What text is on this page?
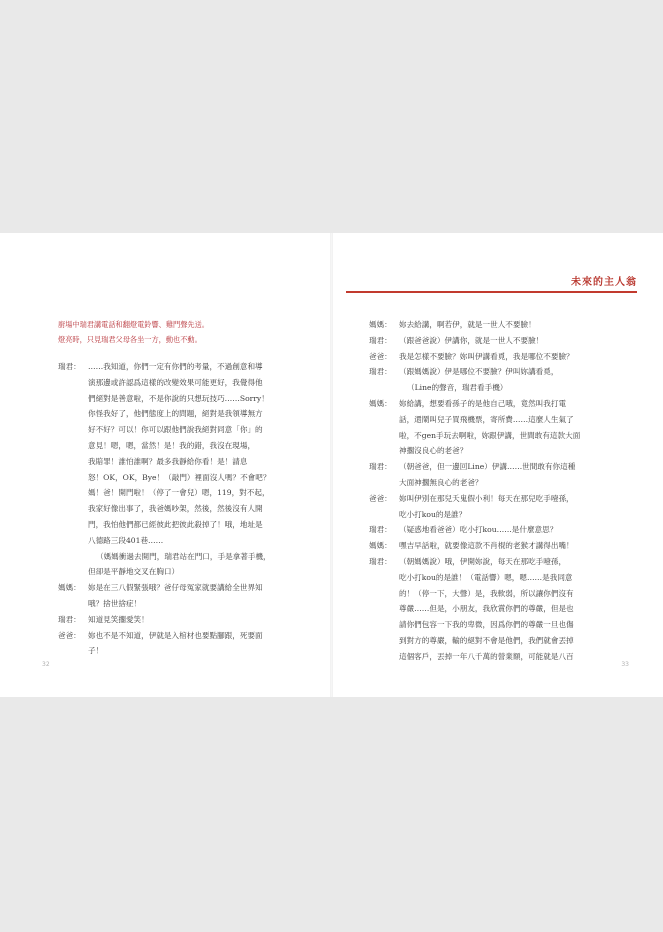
未來的主人翁
廚場中瑞君講電話和翻燈電鈴響、雞門聲先送。
燈亮時，只見瑞君父母各坐一方，動也不動。
瑞君： ……我知道，你們一定有你們的考量，不過創意和導
演那邊或許認爲這樣的改變效果可能更好，我覺得他
們絕對是善意啦，不是你說的只想玩技巧……Sorry！
你怪我好了，他們態度上的問題，絕對是我領導無方
好不好？可以！你可以跟他們說我絕對同意「你」的
意見！嗯，嗯，當然！是！我的錯，我沒在現場，
我賠罪！誰怕誰啊？最多我靜給你看！是！請息
怒！OK，OK，Bye！（敲門）裡面沒人嗎？不會吧？
媽！爸！開門啦！（停了一會兒）嗯，119，對不起，
我家好像出事了，我爸媽吵架，然後，然後沒有人開
門，我怕他們都已經彼此把彼此殺掉了！哦，地址是
八德路三段401巷……
（媽媽衝過去開門，瑞君站在門口，手是拿著手機，
但卻是平靜地交叉在胸口）
媽媽： 妳是在三八假緊張哦？爸仔母冤家就要講給全世界知
哦？捨世捨症！
瑞君： 知道見笑擱愛笑！
爸爸： 妳也不是不知道，伊就是入棺材也要點腳跟，死要面
子！
媽媽： 妳去給講，啊若伊，就是一世人不要臉！
瑞君： （跟爸爸說）伊講你，就是一世人不要臉！
爸爸： 我是怎樣不要臉？妳叫伊講看覓，我是哪位不要臉？
瑞君： （跟媽媽說）伊是哪位不要臉？伊叫妳講看覓，
（Line的聲音，瑞君看手機）
媽媽： 妳給講，想要看孫子的是他自己哦，竟然叫我打電
話，還鬧叫兒子買飛機票，寄所費……這麼人生氣了
啦，不gen手玩去啊啦，妳跟伊講，世間敢有這款大面
神擱沒良心的老爸？
瑞君： （朝爸爸，但一邊回Line）伊講……世間敢有你這種
大面神擱無良心的老爸？
爸爸： 妳叫伊別在那兒夭鬼假小利！每天在那兒吃手噎孫，
吃小打kou的是誰？
瑞君： （疑惑地看爸爸）吃小打kou……是什麼意思？
媽媽： 嘿吉早話啦，就要像這款不肖棍的老猴才講得出嘴！
瑞君： （朝媽媽說）哦，伊開妳說，每天在那吃手噎孫，
吃小打kou的是誰！（電話響）嗯，嗯……是我同意
的！（停一下，大聲）是，我軟弱，所以讓你們沒有
尊嚴……但是，小朋友，我欣賞你們的尊嚴，但是也
請你們包容一下我的卑微，因爲你們的尊嚴一旦也傷
到對方的尊嚴，輸的絕對不會是他們，我們就會丟掉
這個客戶，丟掉一年八千萬的營業額，可能就是八百
32	33
